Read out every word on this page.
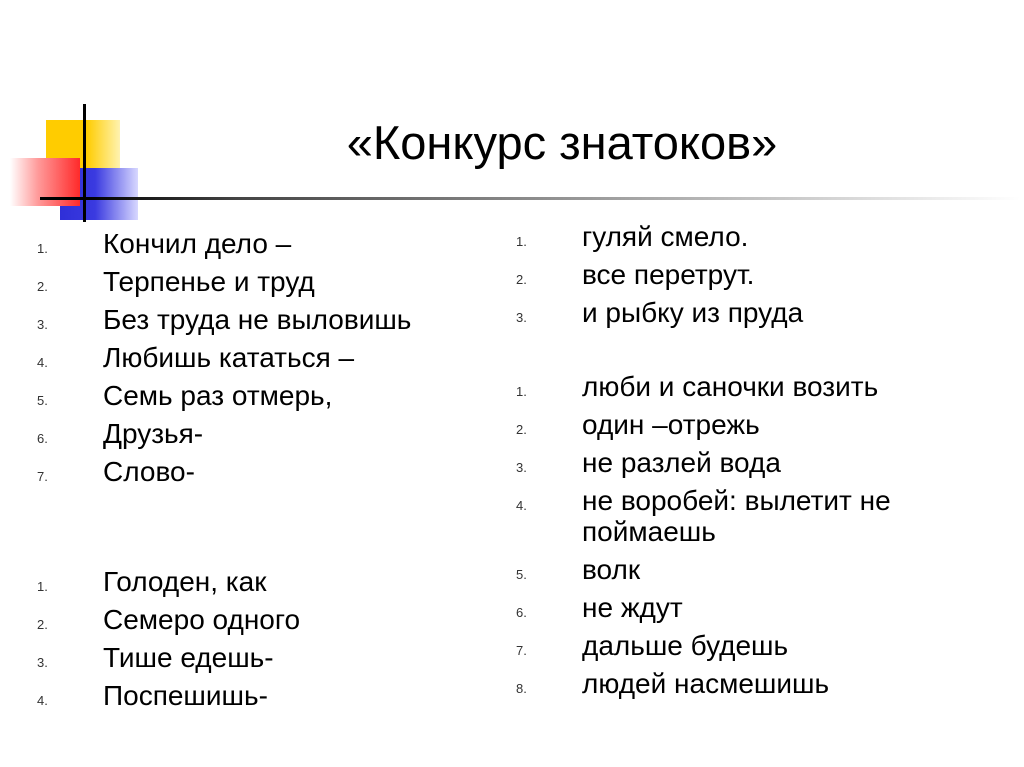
«Конкурс знатоков»
1. Кончил дело –
2. Терпенье и труд
3. Без труда не выловишь
4. Любишь кататься –
5. Семь раз отмерь,
6. Друзья-
7. Слово-
1. Голоден, как
2. Семеро одного
3. Тише едешь-
4. Поспешишь-
1. гуляй смело.
2. все перетрут.
3. и рыбку из пруда
1. люби и саночки возить
2. один –отрежь
3. не разлей вода
4. не воробей: вылетит не поймаешь
5. волк
6. не ждут
7. дальше будешь
8. людей насмешишь
